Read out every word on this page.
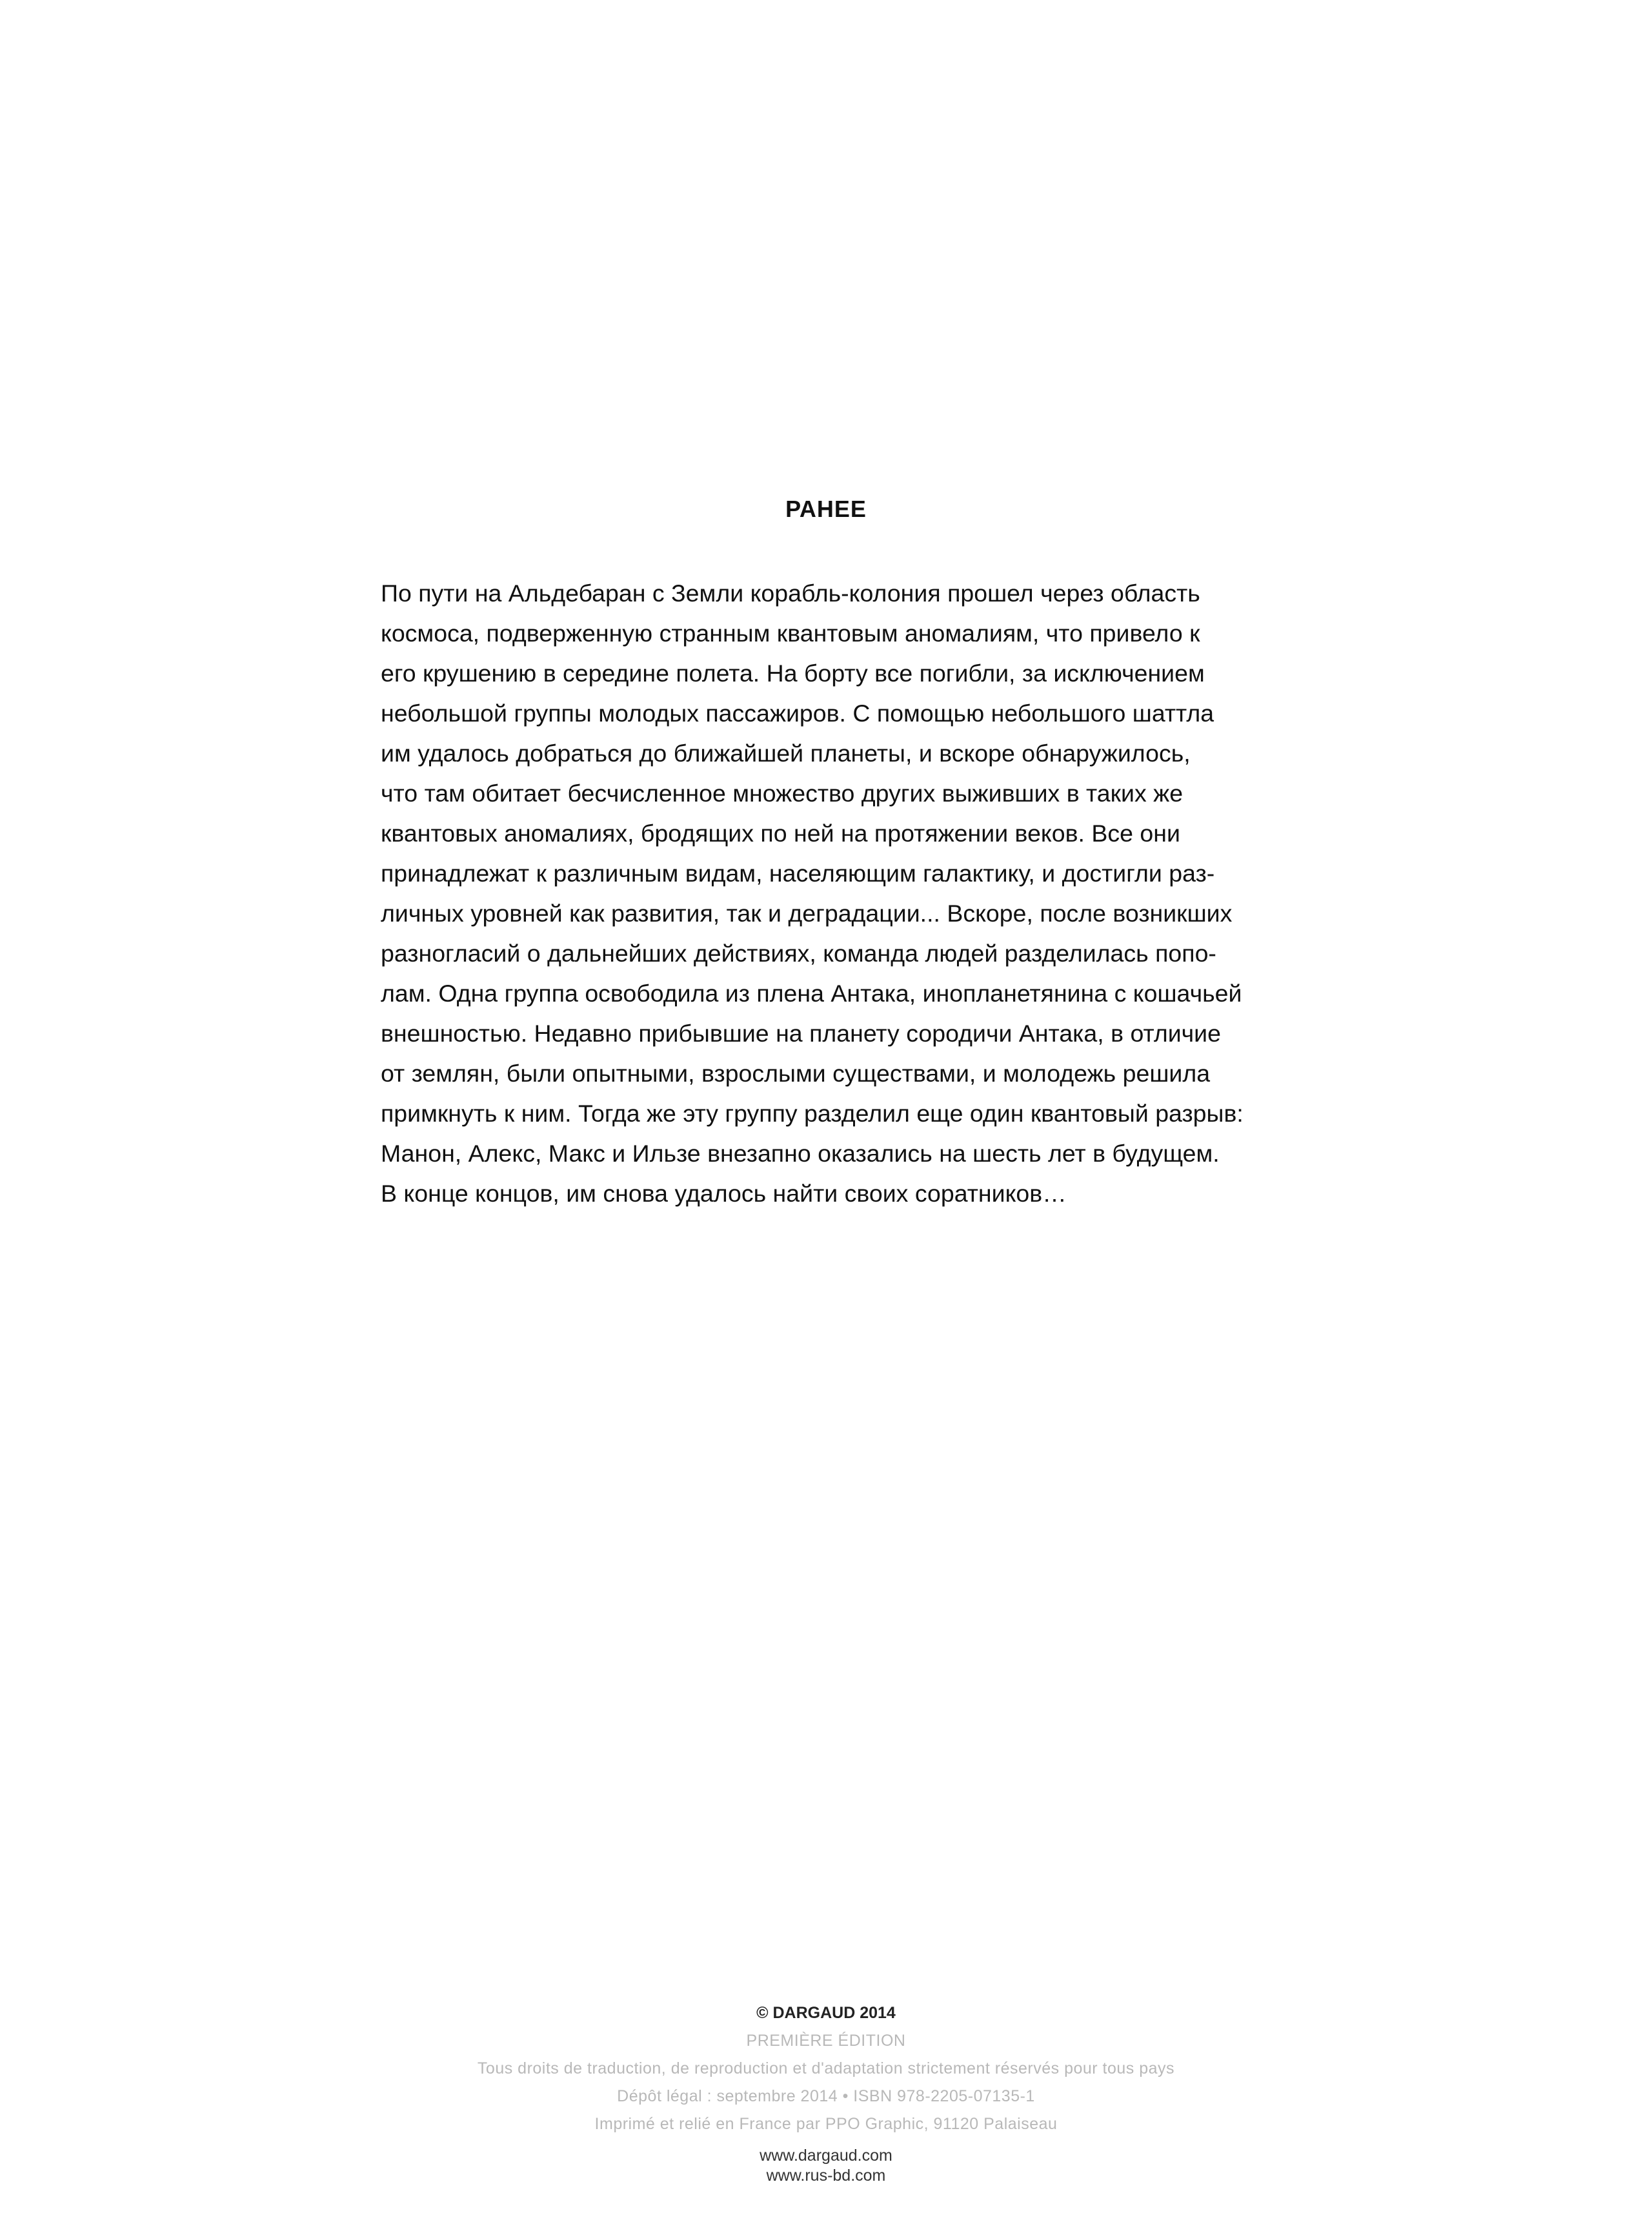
РАНЕЕ
По пути на Альдебаран с Земли корабль-колония прошел через область
космоса, подверженную странным квантовым аномалиям, что привело к
его крушению в середине полета. На борту все погибли, за исключением
небольшой группы молодых пассажиров. С помощью небольшого шаттла
им удалось добраться до ближайшей планеты, и вскоре обнаружилось,
что там обитает бесчисленное множество других выживших в таких же
квантовых аномалиях, бродящих по ней на протяжении веков. Все они
принадлежат к различным видам, населяющим галактику, и достигли раз-
личных уровней как развития, так и деградации... Вскоре, после возникших
разногласий о дальнейших действиях, команда людей разделилась попо-
лам. Одна группа освободила из плена Антака, инопланетянина с кошачьей
внешностью. Недавно прибывшие на планету сородичи Антака, в отличие
от землян, были опытными, взрослыми существами, и молодежь решила
примкнуть к ним. Тогда же эту группу разделил еще один квантовый разрыв:
Манон, Алекс, Макс и Ильзе внезапно оказались на шесть лет в будущем.
В конце концов, им снова удалось найти своих соратников…
© DARGAUD 2014
PREMIÈRE ÉDITION
Tous droits de traduction, de reproduction et d'adaptation strictement réservés pour tous pays
Dépôt légal : septembre 2014 • ISBN 978-2205-07135-1
Imprimé et relié en France par PPO Graphic, 91120 Palaiseau
www.dargaud.com
www.rus-bd.com
